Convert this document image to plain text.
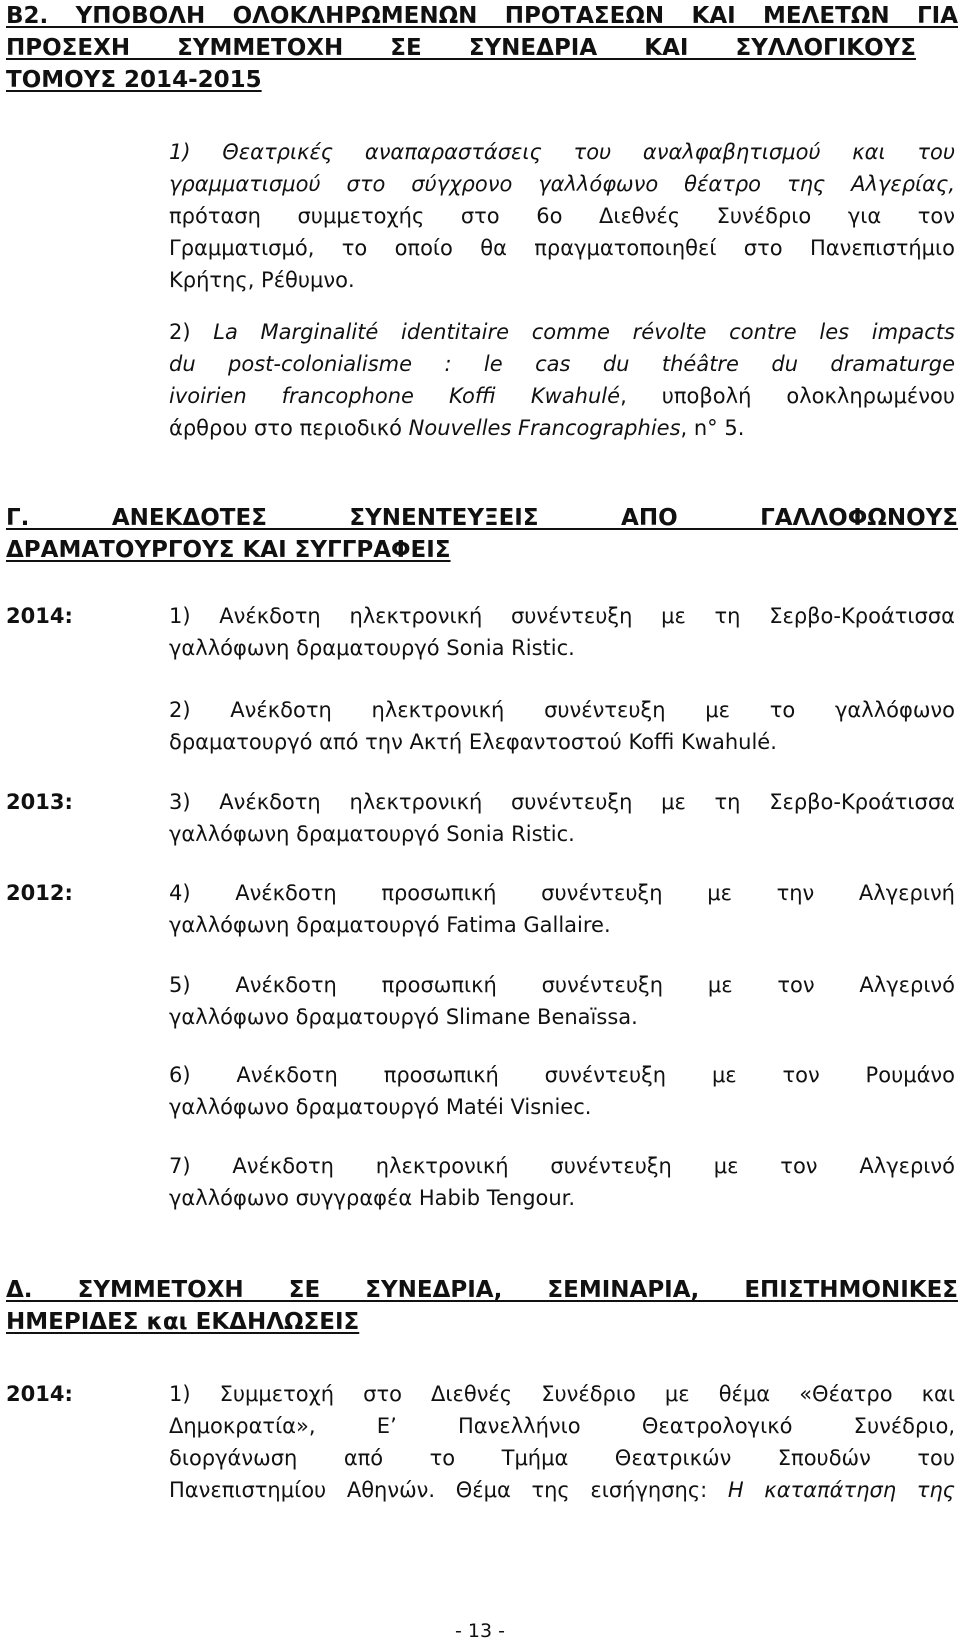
Β2. ΥΠΟΒΟΛΗ ΟΛΟΚΛΗΡΩΜΕΝΩΝ ΠΡΟΤΑΣΕΩΝ ΚΑΙ ΜΕΛΕΤΩΝ ΓΙΑ
ΠΡΟΣΕΧΗ ΣΥΜΜΕΤΟΧΗ ΣΕ ΣΥΝΕΔΡΙΑ ΚΑΙ ΣΥΛΛΟΓΙΚΟΥΣ
ΤΟΜΟΥΣ 2014-2015
1) Θεατρικές αναπαραστάσεις του αναλφαβητισμού και του
γραμματισμού στο σύγχρονο γαλλόφωνο θέατρο της Αλγερίας,
πρόταση συμμετοχής στο 6ο Διεθνές Συνέδριο για τον
Γραμματισμό, το οποίο θα πραγματοποιηθεί στο Πανεπιστήμιο
Κρήτης, Ρέθυμνο.
2) La Marginalité identitaire comme révolte contre les impacts
du post-colonialisme : le cas du théâtre du dramaturge
ivoirien francophone Koffi Kwahulé, υποβολή ολοκληρωμένου
άρθρου στο περιοδικό Nouvelles Francographies, n° 5.
Γ. ΑΝΕΚΔΟΤΕΣ ΣΥΝΕΝΤΕΥΞΕΙΣ ΑΠΟ ΓΑΛΛΟΦΩΝΟΥΣ
ΔΡΑΜΑΤΟΥΡΓΟΥΣ ΚΑΙ ΣΥΓΓΡΑΦΕΙΣ
2014:	1) Ανέκδοτη ηλεκτρονική συνέντευξη με τη Σερβο-Κροάτισσα
γαλλόφωνη δραματουργό Sonia Ristic.
2) Ανέκδοτη ηλεκτρονική συνέντευξη με το γαλλόφωνο
δραματουργό από την Ακτή Ελεφαντοστού Koffi Kwahulé.
2013:	3) Ανέκδοτη ηλεκτρονική συνέντευξη με τη Σερβο-Κροάτισσα
γαλλόφωνη δραματουργό Sonia Ristic.
2012:	4) Ανέκδοτη προσωπική συνέντευξη με την Αλγερινή
γαλλόφωνη δραματουργό Fatima Gallaire.
5) Ανέκδοτη προσωπική συνέντευξη με τον Αλγερινό
γαλλόφωνο δραματουργό Slimane Benaïssa.
6) Ανέκδοτη προσωπική συνέντευξη με τον Ρουμάνο
γαλλόφωνο δραματουργό Matéi Visniec.
7) Ανέκδοτη ηλεκτρονική συνέντευξη με τον Αλγερινό
γαλλόφωνο συγγραφέα Habib Tengour.
Δ. ΣΥΜΜΕΤΟΧΗ ΣΕ ΣΥΝΕΔΡΙΑ, ΣΕΜΙΝΑΡΙΑ, ΕΠΙΣΤΗΜΟΝΙΚΕΣ
ΗΜΕΡΙΔΕΣ και ΕΚΔΗΛΩΣΕΙΣ
2014:	1) Συμμετοχή στο Διεθνές Συνέδριο με θέμα «Θέατρο και
Δημοκρατία», Ε’ Πανελλήνιο Θεατρολογικό Συνέδριο,
διοργάνωση από το Τμήμα Θεατρικών Σπουδών του
Πανεπιστημίου Αθηνών. Θέμα της εισήγησης: Η καταπάτηση της
- 13 -
